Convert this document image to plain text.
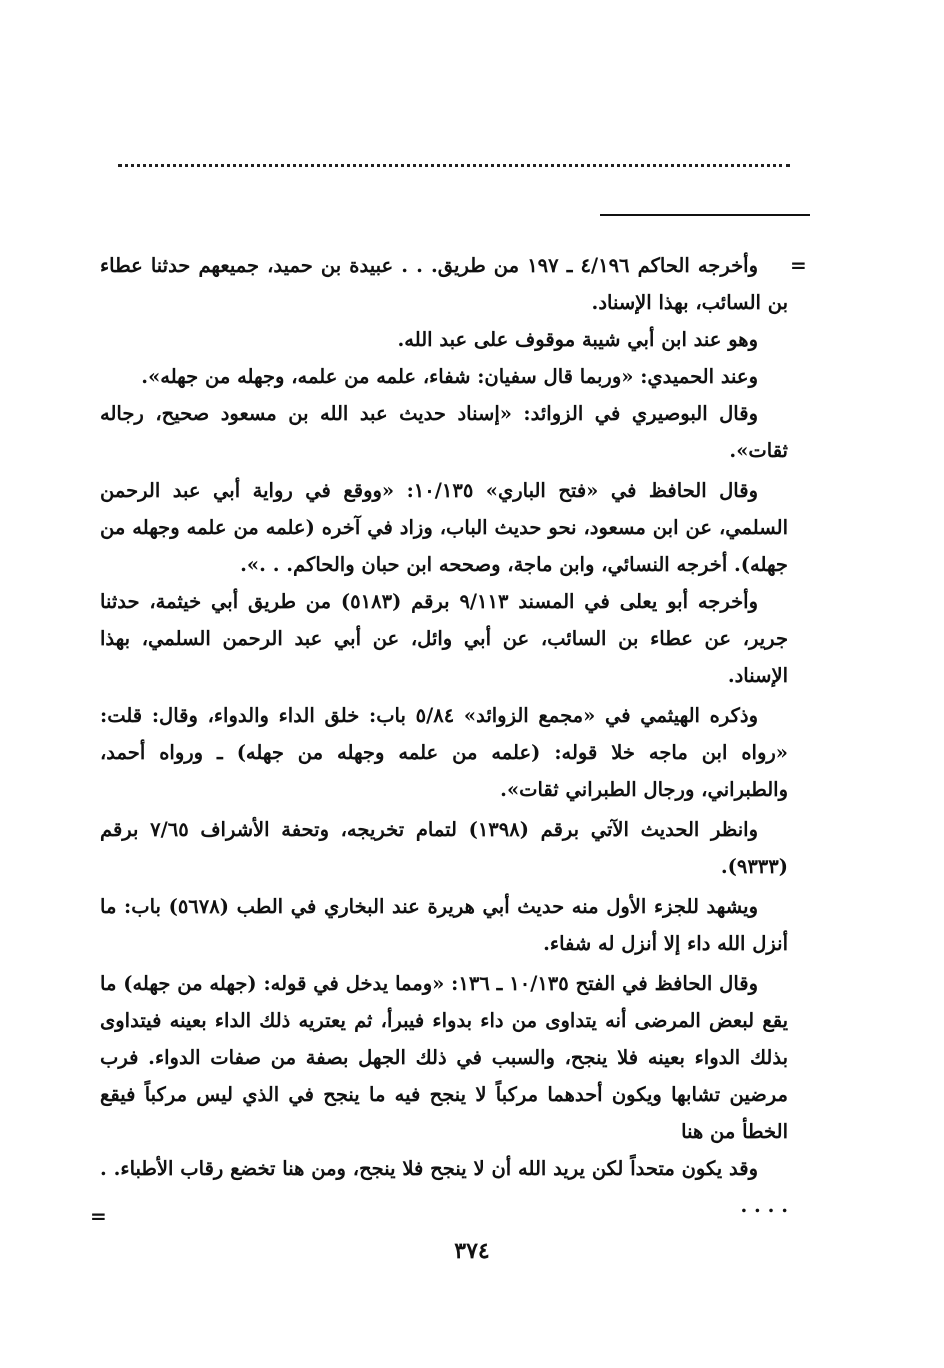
=

وأخرجه الحاكم ٤/١٩٦ ـ ١٩٧ من طريق. . . عبيدة بن حميد، جميعهم حدثنا عطاء بن السائب، بهذا الإسناد.

وهو عند ابن أبي شيبة موقوف على عبد الله.

وعند الحميدي: «وربما قال سفيان: شفاء، علمه من علمه، وجهله من جهله».

وقال البوصيري في الزوائد: «إسناد حديث عبد الله بن مسعود صحيح، رجاله ثقات».

وقال الحافظ في «فتح الباري» ١٠/١٣٥: «ووقع في رواية أبي عبد الرحمن السلمي، عن ابن مسعود، نحو حديث الباب، وزاد في آخره (علمه من علمه وجهله من جهله). أخرجه النسائي، وابن ماجة، وصححه ابن حبان والحاكم. . .».

وأخرجه أبو يعلى في المسند ٩/١١٣ برقم (٥١٨٣) من طريق أبي خيثمة، حدثنا جرير، عن عطاء بن السائب، عن أبي وائل، عن أبي عبد الرحمن السلمي، بهذا الإسناد.

وذكره الهيثمي في «مجمع الزوائد» ٥/٨٤ باب: خلق الداء والدواء، وقال: قلت: «رواه ابن ماجه خلا قوله: (علمه من علمه وجهله من جهله) ـ ورواه أحمد، والطبراني، ورجال الطبراني ثقات».

وانظر الحديث الآتي برقم (١٣٩٨) لتمام تخريجه، وتحفة الأشراف ٧/٦٥ برقم (٩٣٣٣).

ويشهد للجزء الأول منه حديث أبي هريرة عند البخاري في الطب (٥٦٧٨) باب: ما أنزل الله داء إلا أنزل له شفاء.

وقال الحافظ في الفتح ١٠/١٣٥ ـ ١٣٦: «ومما يدخل في قوله: (جهله من جهله) ما يقع لبعض المرضى أنه يتداوى من داء بدواء فيبرأ، ثم يعتريه ذلك الداء بعينه فيتداوى بذلك الدواء بعينه فلا ينجح، والسبب في ذلك الجهل بصفة من صفات الدواء. فرب مرضين تشابها ويكون أحدهما مركباً لا ينجح فيه ما ينجح في الذي ليس مركباً فيقع الخطأ من هنا

وقد يكون متحداً لكن يريد الله أن لا ينجح فلا ينجح، ومن هنا تخضع رقاب الأطباء. . . . . .

=
٣٧٤
